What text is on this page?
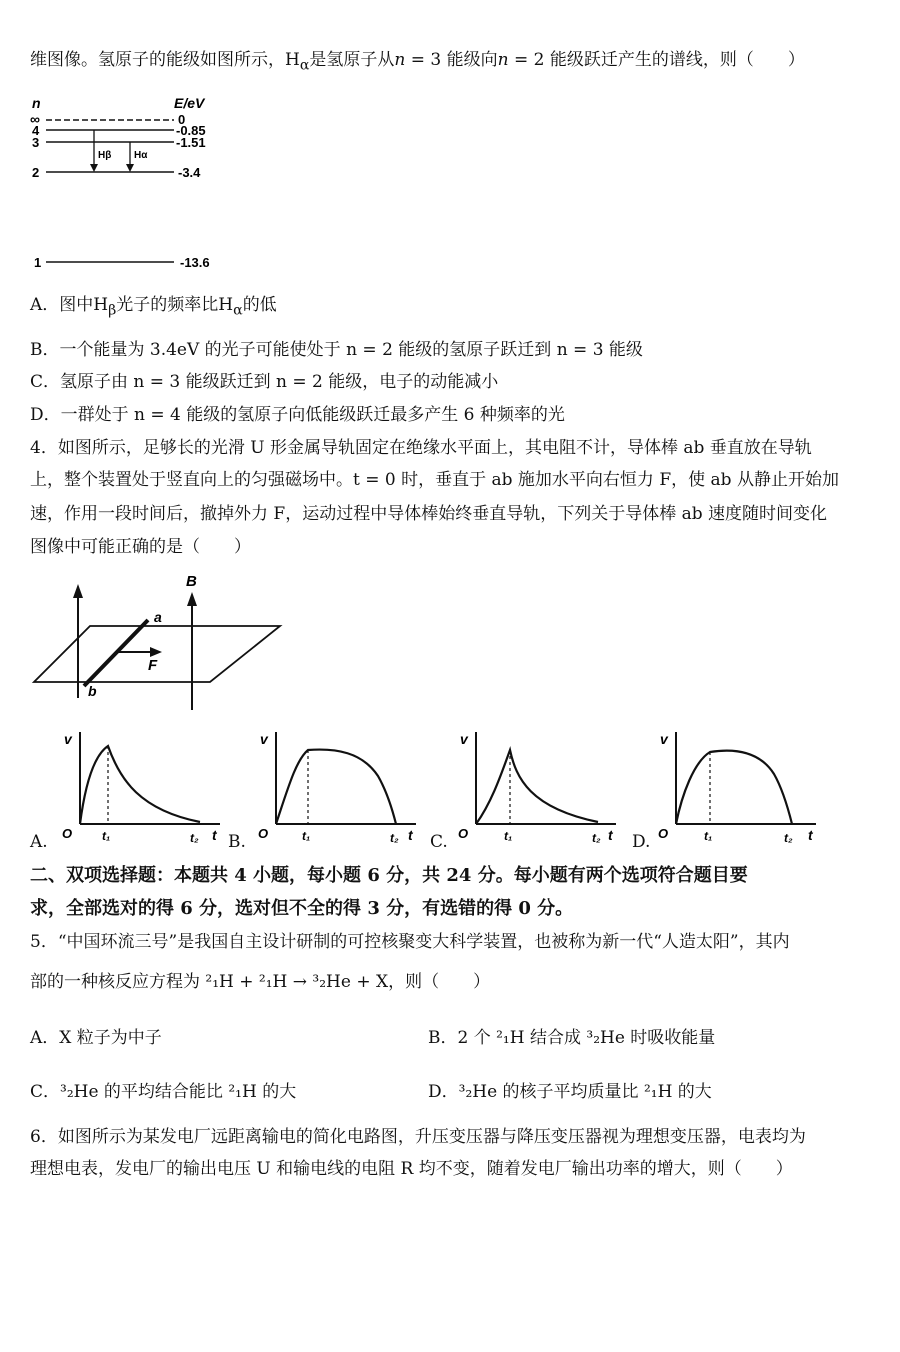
维图像。氢原子的能级如图所示，$H_\alpha$是氢原子从n = 3 能级向n = 2 能级跃迁产生的谱线，则（　　）
n	E/eV
∞
4
3
2
1
0
-0.85
-1.51
-3.4
-13.6
Hβ Hα
A．图中$H_\beta$光子的频率比$H_\alpha$的低
B．一个能量为 3.4eV 的光子可能使处于 n = 2 能级的氢原子跃迁到 n = 3 能级
C．氢原子由 n = 3 能级跃迁到 n = 2 能级，电子的动能减小
D．一群处于 n = 4 能级的氢原子向低能级跃迁最多产生 6 种频率的光
4．如图所示，足够长的光滑 U 形金属导轨固定在绝缘水平面上，其电阻不计，导体棒 ab 垂直放在导轨
上，整个装置处于竖直向上的匀强磁场中。t = 0 时，垂直于 ab 施加水平向右恒力 F，使 ab 从静止开始加
速，作用一段时间后，撤掉外力 F，运动过程中导体棒始终垂直导轨，下列关于导体棒 ab 速度随时间变化
图像中可能正确的是（　　）
B
a
b
F
A.
v
t
O t₁	t₂ B.
v
t
O	t₁	t₂ C.
v
t
O	t₁	t₂ D.
v
t
O	t₁	t₂
二、双项选择题：本题共 4 小题，每小题 6 分，共 24 分。每小题有两个选项符合题目要
求，全部选对的得 6 分，选对但不全的得 3 分，有选错的得 0 分。
5．“中国环流三号”是我国自主设计研制的可控核聚变大科学装置，也被称为新一代“人造太阳”，其内
部的一种核反应方程为 ²₁H + ²₁H → ³₂He + X，则（　　）
A．X 粒子为中子	B．2 个 ²₁H 结合成 ³₂He 时吸收能量
C．³₂He 的平均结合能比 ²₁H 的大	D．³₂He 的核子平均质量比 ²₁H 的大
6．如图所示为某发电厂远距离输电的简化电路图，升压变压器与降压变压器视为理想变压器，电表均为
理想电表，发电厂的输出电压 U 和输电线的电阻 R 均不变，随着发电厂输出功率的增大，则（　　）
